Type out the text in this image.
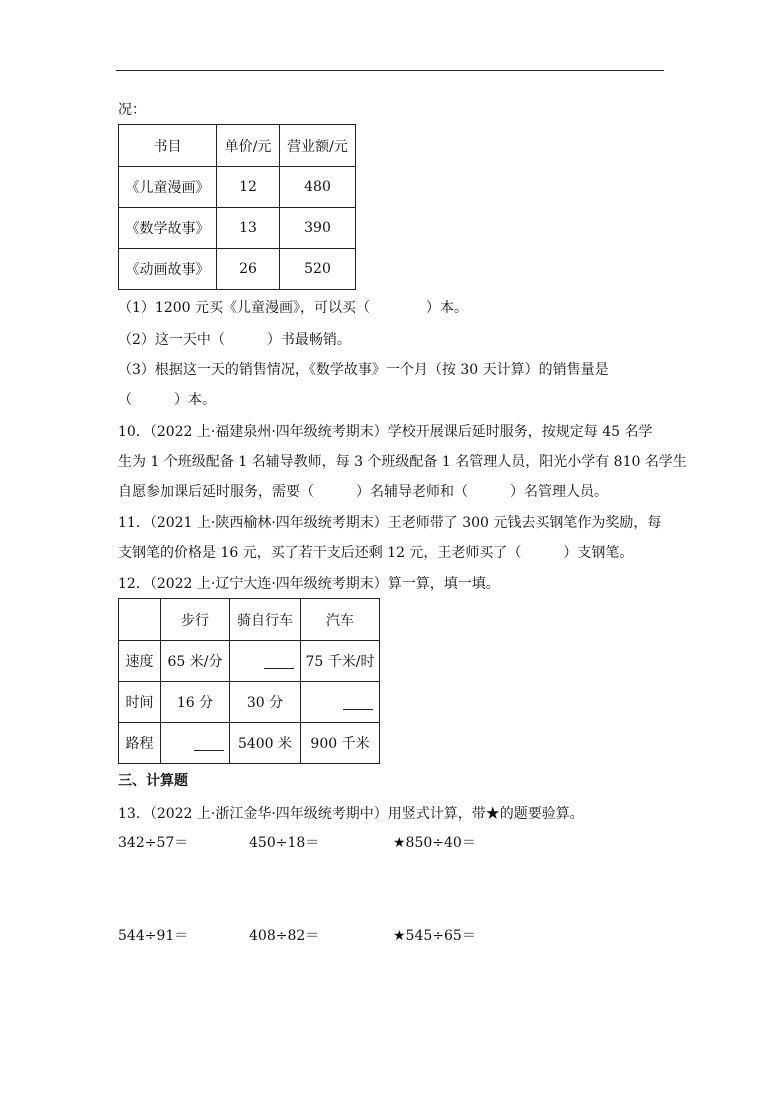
况：
书目	单价/元	营业额/元
《儿童漫画》	12	480
《数学故事》	13	390
《动画故事》	26	520
（1）1200 元买《儿童漫画》，可以买（　　　　）本。
（2）这一天中（　　　）书最畅销。
（3）根据这一天的销售情况，《数学故事》一个月（按 30 天计算）的销售量是
（　　　）本。
10．（2022 上·福建泉州·四年级统考期末）学校开展课后延时服务，按规定每 45 名学
生为 1 个班级配备 1 名辅导教师，每 3 个班级配备 1 名管理人员，阳光小学有 810 名学生
自愿参加课后延时服务，需要（　　　）名辅导老师和（　　　）名管理人员。
11．（2021 上·陕西榆林·四年级统考期末）王老师带了 300 元钱去买钢笔作为奖励，每
支钢笔的价格是 16 元，买了若干支后还剩 12 元，王老师买了（　　　）支钢笔。
12．（2022 上·辽宁大连·四年级统考期末）算一算，填一填。
	步行	骑自行车	汽车
速度	65 米/分		75 千米/时
时间	16 分	30 分	
路程		5400 米	900 千米
三、计算题
13．（2022 上·浙江金华·四年级统考期中）用竖式计算，带★的题要验算。
342÷57＝	450÷18＝	★850÷40＝
544÷91＝	408÷82＝	★545÷65＝
